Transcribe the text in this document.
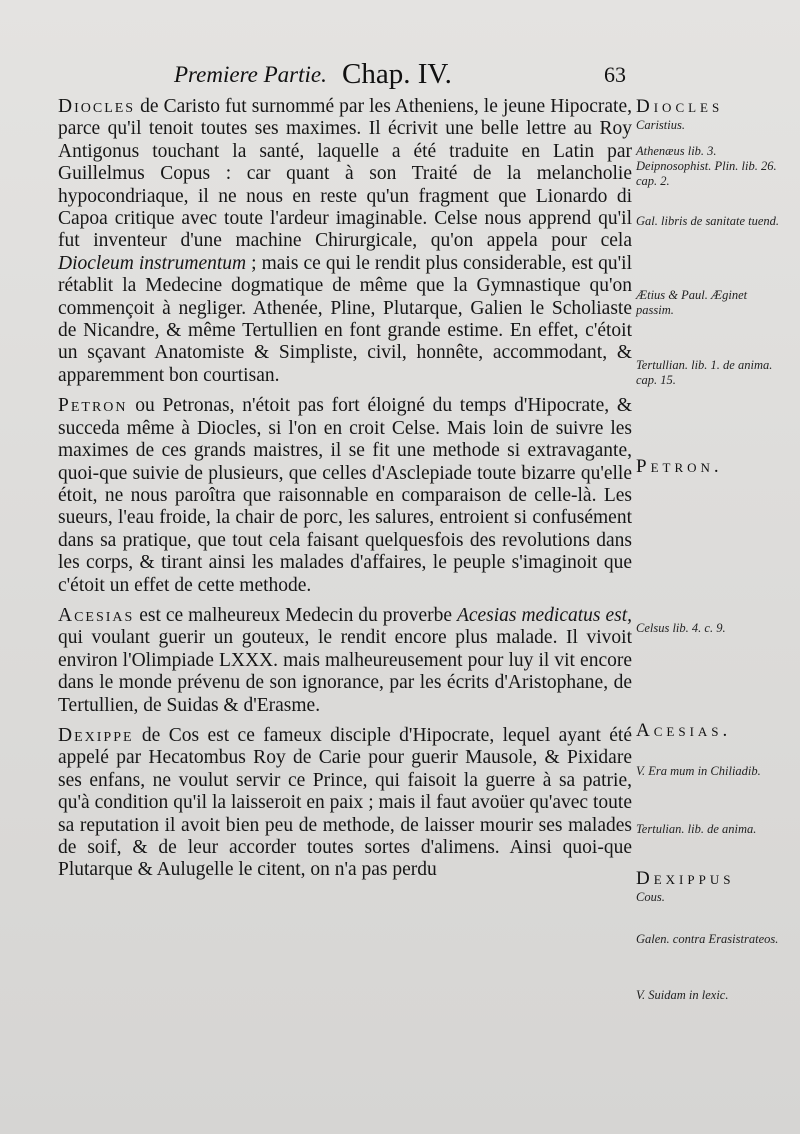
Premiere Partie. Chap. IV.	63

Diocles de Caristo fut surnommé par les Atheniens, le jeune Hipocrate, parce qu'il tenoit toutes ses maximes. Il écrivit une belle lettre au Roy Antigonus touchant la santé, laquelle a été traduite en Latin par Guillelmus Copus : car quant à son Traité de la melancholie hypocondriaque, il ne nous en reste qu'un fragment que Lionardo di Capoa critique avec toute l'ardeur imaginable. Celse nous apprend qu'il fut inventeur d'une machine Chirurgicale, qu'on appela pour cela Diocleum instrumentum ; mais ce qui le rendit plus considerable, est qu'il rétablit la Medecine dogmatique de même que la Gymnastique qu'on commençoit à negliger. Athenée, Pline, Plutarque, Galien le Scholiaste de Nicandre, & même Tertullien en font grande estime. En effet, c'étoit un sçavant Anatomiste & Simpliste, civil, honnête, accommodant, & apparemment bon courtisan.

Petron ou Petronas, n'étoit pas fort éloigné du temps d'Hipocrate, & succeda même à Diocles, si l'on en croit Celse. Mais loin de suivre les maximes de ces grands maistres, il se fit une methode si extravagante, quoi-que suivie de plusieurs, que celles d'Asclepiade toute bizarre qu'elle étoit, ne nous paroîtra que raisonnable en comparaison de celle-là. Les sueurs, l'eau froide, la chair de porc, les salures, entroient si confusément dans sa pratique, que tout cela faisant quelquesfois des revolutions dans les corps, & tirant ainsi les malades d'affaires, le peuple s'imaginoit que c'étoit un effet de cette methode.

Acesias est ce malheureux Medecin du proverbe Acesias medicatus est, qui voulant guerir un gouteux, le rendit encore plus malade. Il vivoit environ l'Olimpiade LXXX. mais malheureusement pour luy il vit encore dans le monde prévenu de son ignorance, par les écrits d'Aristophane, de Tertullien, de Suidas & d'Erasme.

Dexippe de Cos est ce fameux disciple d'Hipocrate, lequel ayant été appelé par Hecatombus Roy de Carie pour guerir Mausole, & Pixidare ses enfans, ne voulut servir ce Prince, qui faisoit la guerre à sa patrie, qu'à condition qu'il la laisseroit en paix ; mais il faut avoüer qu'avec toute sa reputation il avoit bien peu de methode, de laisser mourir ses malades de soif, & de leur accorder toutes sortes d'alimens. Ainsi quoi-que Plutarque & Aulugelle le citent, on n'a pas perdu

Diocles
Caristius.
Athenæus lib. 3. Deipnosophist. Plin. lib. 26. cap. 2.
Gal. libris de sanitate tuend.
Ætius & Paul. Æginet passim.
Tertullian. lib. 1. de anima. cap. 15.
Petron.
Celsus lib. 4. c. 9.
Acesias.
V. Era mum in Chiliadib.
Tertulian. lib. de anima.
Dexippus
Cous.
Galen. contra Erasistrateos.
V. Suidam in lexic.
